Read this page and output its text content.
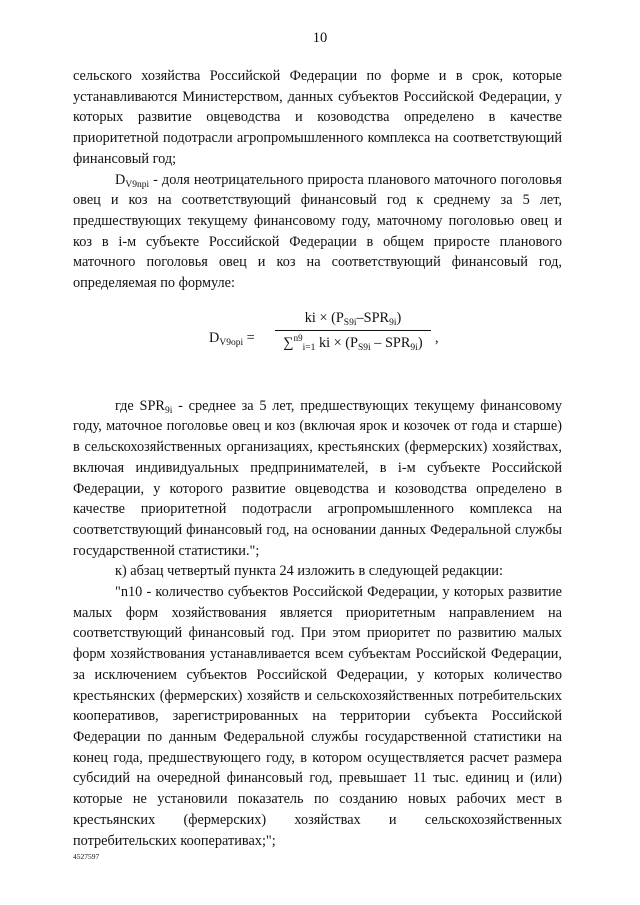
10

сельского хозяйства Российской Федерации по форме и в срок, которые устанавливаются Министерством, данных субъектов Российской Федерации, у которых развитие овцеводства и козоводства определено в качестве приоритетной подотрасли агропромышленного комплекса на соответствующий финансовый год;

$D_{V9npi}$ - доля неотрицательного прироста планового маточного поголовья овец и коз на соответствующий финансовый год к среднему за 5 лет, предшествующих текущему финансовому году, маточному поголовью овец и коз в i-м субъекте Российской Федерации в общем приросте планового маточного поголовья овец и коз на соответствующий финансовый год, определяемая по формуле:

$D_{V9opi}$ =
ki × $(P_{S9i}-SPR_{9i})$
∑$^{n9}_{i=1}$ ki × $(P_{S9i} - SPR_{9i})$ ,

где $SPR_{9i}$ - среднее за 5 лет, предшествующих текущему финансовому году, маточное поголовье овец и коз (включая ярок и козочек от года и старше) в сельскохозяйственных организациях, крестьянских (фермерских) хозяйствах, включая индивидуальных предпринимателей, в i-м субъекте Российской Федерации, у которого развитие овцеводства и козоводства определено в качестве приоритетной подотрасли агропромышленного комплекса на соответствующий финансовый год, на основании данных Федеральной службы государственной статистики.";

к) абзац четвертый пункта 24 изложить в следующей редакции:

"n10 - количество субъектов Российской Федерации, у которых развитие малых форм хозяйствования является приоритетным направлением на соответствующий финансовый год. При этом приоритет по развитию малых форм хозяйствования устанавливается всем субъектам Российской Федерации, за исключением субъектов Российской Федерации, у которых количество крестьянских (фермерских) хозяйств и сельскохозяйственных потребительских кооперативов, зарегистрированных на территории субъекта Российской Федерации по данным Федеральной службы государственной статистики на конец года, предшествующего году, в котором осуществляется расчет размера субсидий на очередной финансовый год, превышает 11 тыс. единиц и (или) которые не установили показатель по созданию новых рабочих мест в крестьянских (фермерских) хозяйствах и сельскохозяйственных потребительских кооперативах;";

4527597
